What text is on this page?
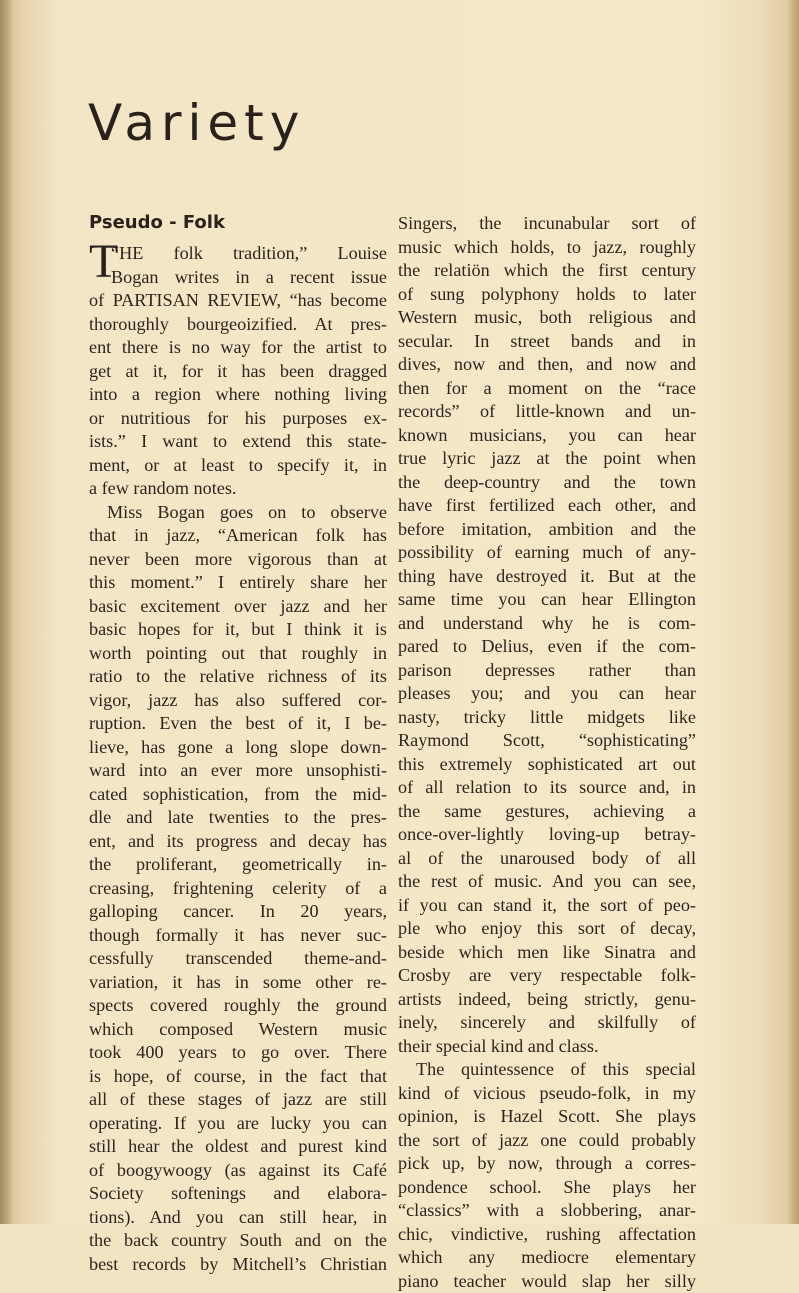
Variety
Pseudo - Folk
T
“HE folk tradition,” Louise
Bogan writes in a recent issue
of PARTISAN REVIEW, “has become
thoroughly bourgeoizified. At pres-
ent there is no way for the artist to
get at it, for it has been dragged
into a region where nothing living
or nutritious for his purposes ex-
ists.” I want to extend this state-
ment, or at least to specify it, in
a few random notes.
Miss Bogan goes on to observe
that in jazz, “American folk has
never been more vigorous than at
this moment.” I entirely share her
basic excitement over jazz and her
basic hopes for it, but I think it is
worth pointing out that roughly in
ratio to the relative richness of its
vigor, jazz has also suffered cor-
ruption. Even the best of it, I be-
lieve, has gone a long slope down-
ward into an ever more unsophisti-
cated sophistication, from the mid-
dle and late twenties to the pres-
ent, and its progress and decay has
the proliferant, geometrically in-
creasing, frightening celerity of a
galloping cancer. In 20 years,
though formally it has never suc-
cessfully transcended theme-and-
variation, it has in some other re-
spects covered roughly the ground
which composed Western music
took 400 years to go over. There
is hope, of course, in the fact that
all of these stages of jazz are still
operating. If you are lucky you can
still hear the oldest and purest kind
of boogywoogy (as against its Café
Society softenings and elabora-
tions). And you can still hear, in
the back country South and on the
best records by Mitchell’s Christian
Singers, the incunabular sort of
music which holds, to jazz, roughly
the relatiön which the first century
of sung polyphony holds to later
Western music, both religious and
secular. In street bands and in
dives, now and then, and now and
then for a moment on the “race
records” of little-known and un-
known musicians, you can hear
true lyric jazz at the point when
the deep-country and the town
have first fertilized each other, and
before imitation, ambition and the
possibility of earning much of any-
thing have destroyed it. But at the
same time you can hear Ellington
and understand why he is com-
pared to Delius, even if the com-
parison depresses rather than
pleases you; and you can hear
nasty, tricky little midgets like
Raymond Scott, “sophisticating”
this extremely sophisticated art out
of all relation to its source and, in
the same gestures, achieving a
once-over-lightly loving-up betray-
al of the unaroused body of all
the rest of music. And you can see,
if you can stand it, the sort of peo-
ple who enjoy this sort of decay,
beside which men like Sinatra and
Crosby are very respectable folk-
artists indeed, being strictly, genu-
inely, sincerely and skilfully of
their special kind and class.
The quintessence of this special
kind of vicious pseudo-folk, in my
opinion, is Hazel Scott. She plays
the sort of jazz one could probably
pick up, by now, through a corres-
pondence school. She plays her
“classics” with a slobbering, anar-
chic, vindictive, rushing affectation
which any mediocre elementary
piano teacher would slap her silly
